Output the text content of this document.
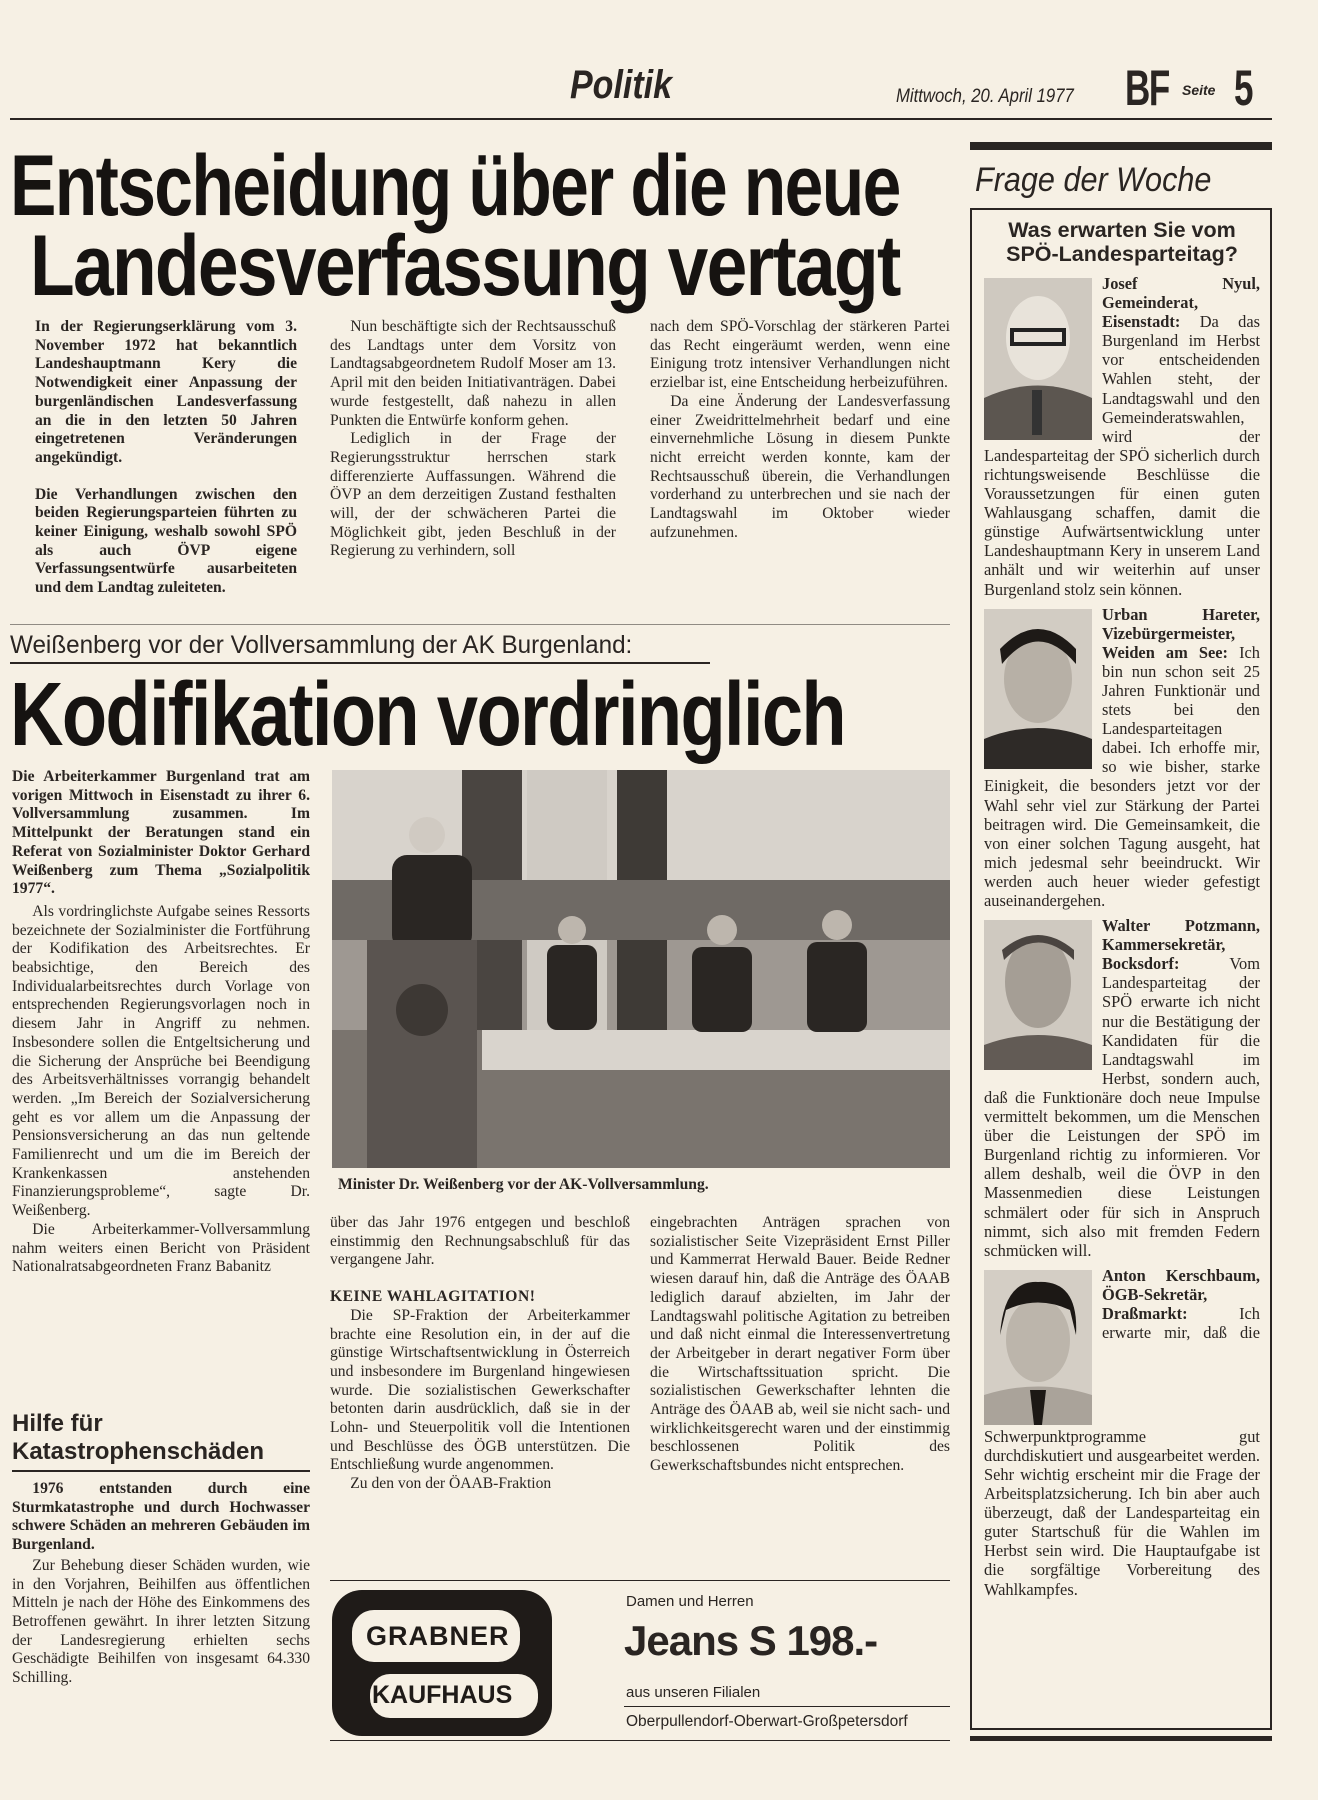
Politik	Mittwoch, 20. April 1977 BF Seite 5
Entscheidung über die neue
Landesverfassung vertagt

In der Regierungserklärung vom 3. November 1972 hat bekanntlich Landeshauptmann Kery die Notwendigkeit einer Anpassung der burgenländischen Landesverfassung an die in den letzten 50 Jahren eingetretenen Veränderungen angekündigt.

Die Verhandlungen zwischen den beiden Regierungsparteien führten zu keiner Einigung, weshalb sowohl SPÖ als auch ÖVP eigene Verfassungsentwürfe ausarbeiteten und dem Landtag zuleiteten.

Nun beschäftigte sich der Rechtsausschuß des Landtags unter dem Vorsitz von Landtagsabgeordnetem Rudolf Moser am 13. April mit den beiden Initiativanträgen. Dabei wurde festgestellt, daß nahezu in allen Punkten die Entwürfe konform gehen.

Lediglich in der Frage der Regierungsstruktur herrschen stark differenzierte Auffassungen. Während die ÖVP an dem derzeitigen Zustand festhalten will, der der schwächeren Partei die Möglichkeit gibt, jeden Beschluß in der Regierung zu verhindern, soll

nach dem SPÖ-Vorschlag der stärkeren Partei das Recht eingeräumt werden, wenn eine Einigung trotz intensiver Verhandlungen nicht erzielbar ist, eine Entscheidung herbeizuführen.

Da eine Änderung der Landesverfassung einer Zweidrittelmehrheit bedarf und eine einvernehmliche Lösung in diesem Punkte nicht erreicht werden konnte, kam der Rechtsausschuß überein, die Verhandlungen vorderhand zu unterbrechen und sie nach der Landtagswahl im Oktober wieder aufzunehmen.

Weißenberg vor der Vollversammlung der AK Burgenland:
Kodifikation vordringlich

Die Arbeiterkammer Burgenland trat am vorigen Mittwoch in Eisenstadt zu ihrer 6. Vollversammlung zusammen. Im Mittelpunkt der Beratungen stand ein Referat von Sozialminister Doktor Gerhard Weißenberg zum Thema „Sozialpolitik 1977“.

Als vordringlichste Aufgabe seines Ressorts bezeichnete der Sozialminister die Fortführung der Kodifikation des Arbeitsrechtes. Er beabsichtige, den Bereich des Individualarbeitsrechtes durch Vorlage von entsprechenden Regierungsvorlagen noch in diesem Jahr in Angriff zu nehmen. Insbesondere sollen die Entgeltsicherung und die Sicherung der Ansprüche bei Beendigung des Arbeitsverhältnisses vorrangig behandelt werden. „Im Bereich der Sozialversicherung geht es vor allem um die Anpassung der Pensionsversicherung an das nun geltende Familienrecht und um die im Bereich der Krankenkassen anstehenden Finanzierungsprobleme“, sagte Dr. Weißenberg.

Die Arbeiterkammer-Vollversammlung nahm weiters einen Bericht von Präsident Nationalratsabgeordneten Franz Babanitz

Minister Dr. Weißenberg vor der AK-Vollversammlung.

über das Jahr 1976 entgegen und beschloß einstimmig den Rechnungsabschluß für das vergangene Jahr.

KEINE WAHLAGITATION!

Die SP-Fraktion der Arbeiterkammer brachte eine Resolution ein, in der auf die günstige Wirtschaftsentwicklung in Österreich und insbesondere im Burgenland hingewiesen wurde. Die sozialistischen Gewerkschafter betonten darin ausdrücklich, daß sie in der Lohn- und Steuerpolitik voll die Intentionen und Beschlüsse des ÖGB unterstützen. Die Entschließung wurde angenommen.

Zu den von der ÖAAB-Fraktion

eingebrachten Anträgen sprachen von sozialistischer Seite Vizepräsident Ernst Piller und Kammerrat Herwald Bauer. Beide Redner wiesen darauf hin, daß die Anträge des ÖAAB lediglich darauf abzielten, im Jahr der Landtagswahl politische Agitation zu betreiben und daß nicht einmal die Interessenvertretung der Arbeitgeber in derart negativer Form über die Wirtschaftssituation spricht. Die sozialistischen Gewerkschafter lehnten die Anträge des ÖAAB ab, weil sie nicht sach- und wirklichkeitsgerecht waren und der einstimmig beschlossenen Politik des Gewerkschaftsbundes nicht entsprechen.

Hilfe für Katastrophenschäden

1976 entstanden durch eine Sturmkatastrophe und durch Hochwasser schwere Schäden an mehreren Gebäuden im Burgenland.

Zur Behebung dieser Schäden wurden, wie in den Vorjahren, Beihilfen aus öffentlichen Mitteln je nach der Höhe des Einkommens des Betroffenen gewährt. In ihrer letzten Sitzung der Landesregierung erhielten sechs Geschädigte Beihilfen von insgesamt 64.330 Schilling.

GRABNER
KAUFHAUS
Damen und Herren
Jeans S 198.-
aus unseren Filialen
Oberpullendorf-Oberwart-Großpetersdorf
Frage der Woche
Was erwarten Sie vom SPÖ-Landesparteitag?
Josef Nyul, Gemeinderat, Eisenstadt: Da das Burgenland im Herbst vor entscheidenden Wahlen steht, der Landtagswahl und den Gemeinderatswahlen, wird der Landesparteitag der SPÖ sicherlich durch richtungsweisende Beschlüsse die Voraussetzungen für einen guten Wahlausgang schaffen, damit die günstige Aufwärtsentwicklung unter Landeshauptmann Kery in unserem Land anhält und wir weiterhin auf unser Burgenland stolz sein können.
Urban Hareter, Vizebürgermeister, Weiden am See: Ich bin nun schon seit 25 Jahren Funktionär und stets bei den Landesparteitagen dabei. Ich erhoffe mir, so wie bisher, starke Einigkeit, die besonders jetzt vor der Wahl sehr viel zur Stärkung der Partei beitragen wird. Die Gemeinsamkeit, die von einer solchen Tagung ausgeht, hat mich jedesmal sehr beeindruckt. Wir werden auch heuer wieder gefestigt auseinandergehen.
Walter Potzmann, Kammersekretär, Bocksdorf:	Vom Landesparteitag der SPÖ erwarte ich nicht nur die Bestätigung der Kandidaten für die Landtagswahl im Herbst, sondern auch, daß die Funktionäre doch neue Impulse vermittelt bekommen, um die Menschen über die Leistungen der SPÖ im Burgenland richtig zu informieren. Vor allem deshalb, weil die ÖVP in den Massenmedien diese Leistungen schmälert oder für sich in Anspruch nimmt, sich also mit fremden Federn schmücken will.
Anton Kerschbaum, ÖGB-Sekretär, Draßmarkt:	Ich erwarte mir, daß die Schwerpunktprogramme gut durchdiskutiert und ausgearbeitet werden. Sehr wichtig erscheint mir die Frage der Arbeitsplatzsicherung. Ich bin aber auch überzeugt, daß der Landesparteitag ein guter Startschuß für die Wahlen im Herbst sein wird. Die Hauptaufgabe ist die sorgfältige Vorbereitung des Wahlkampfes.
